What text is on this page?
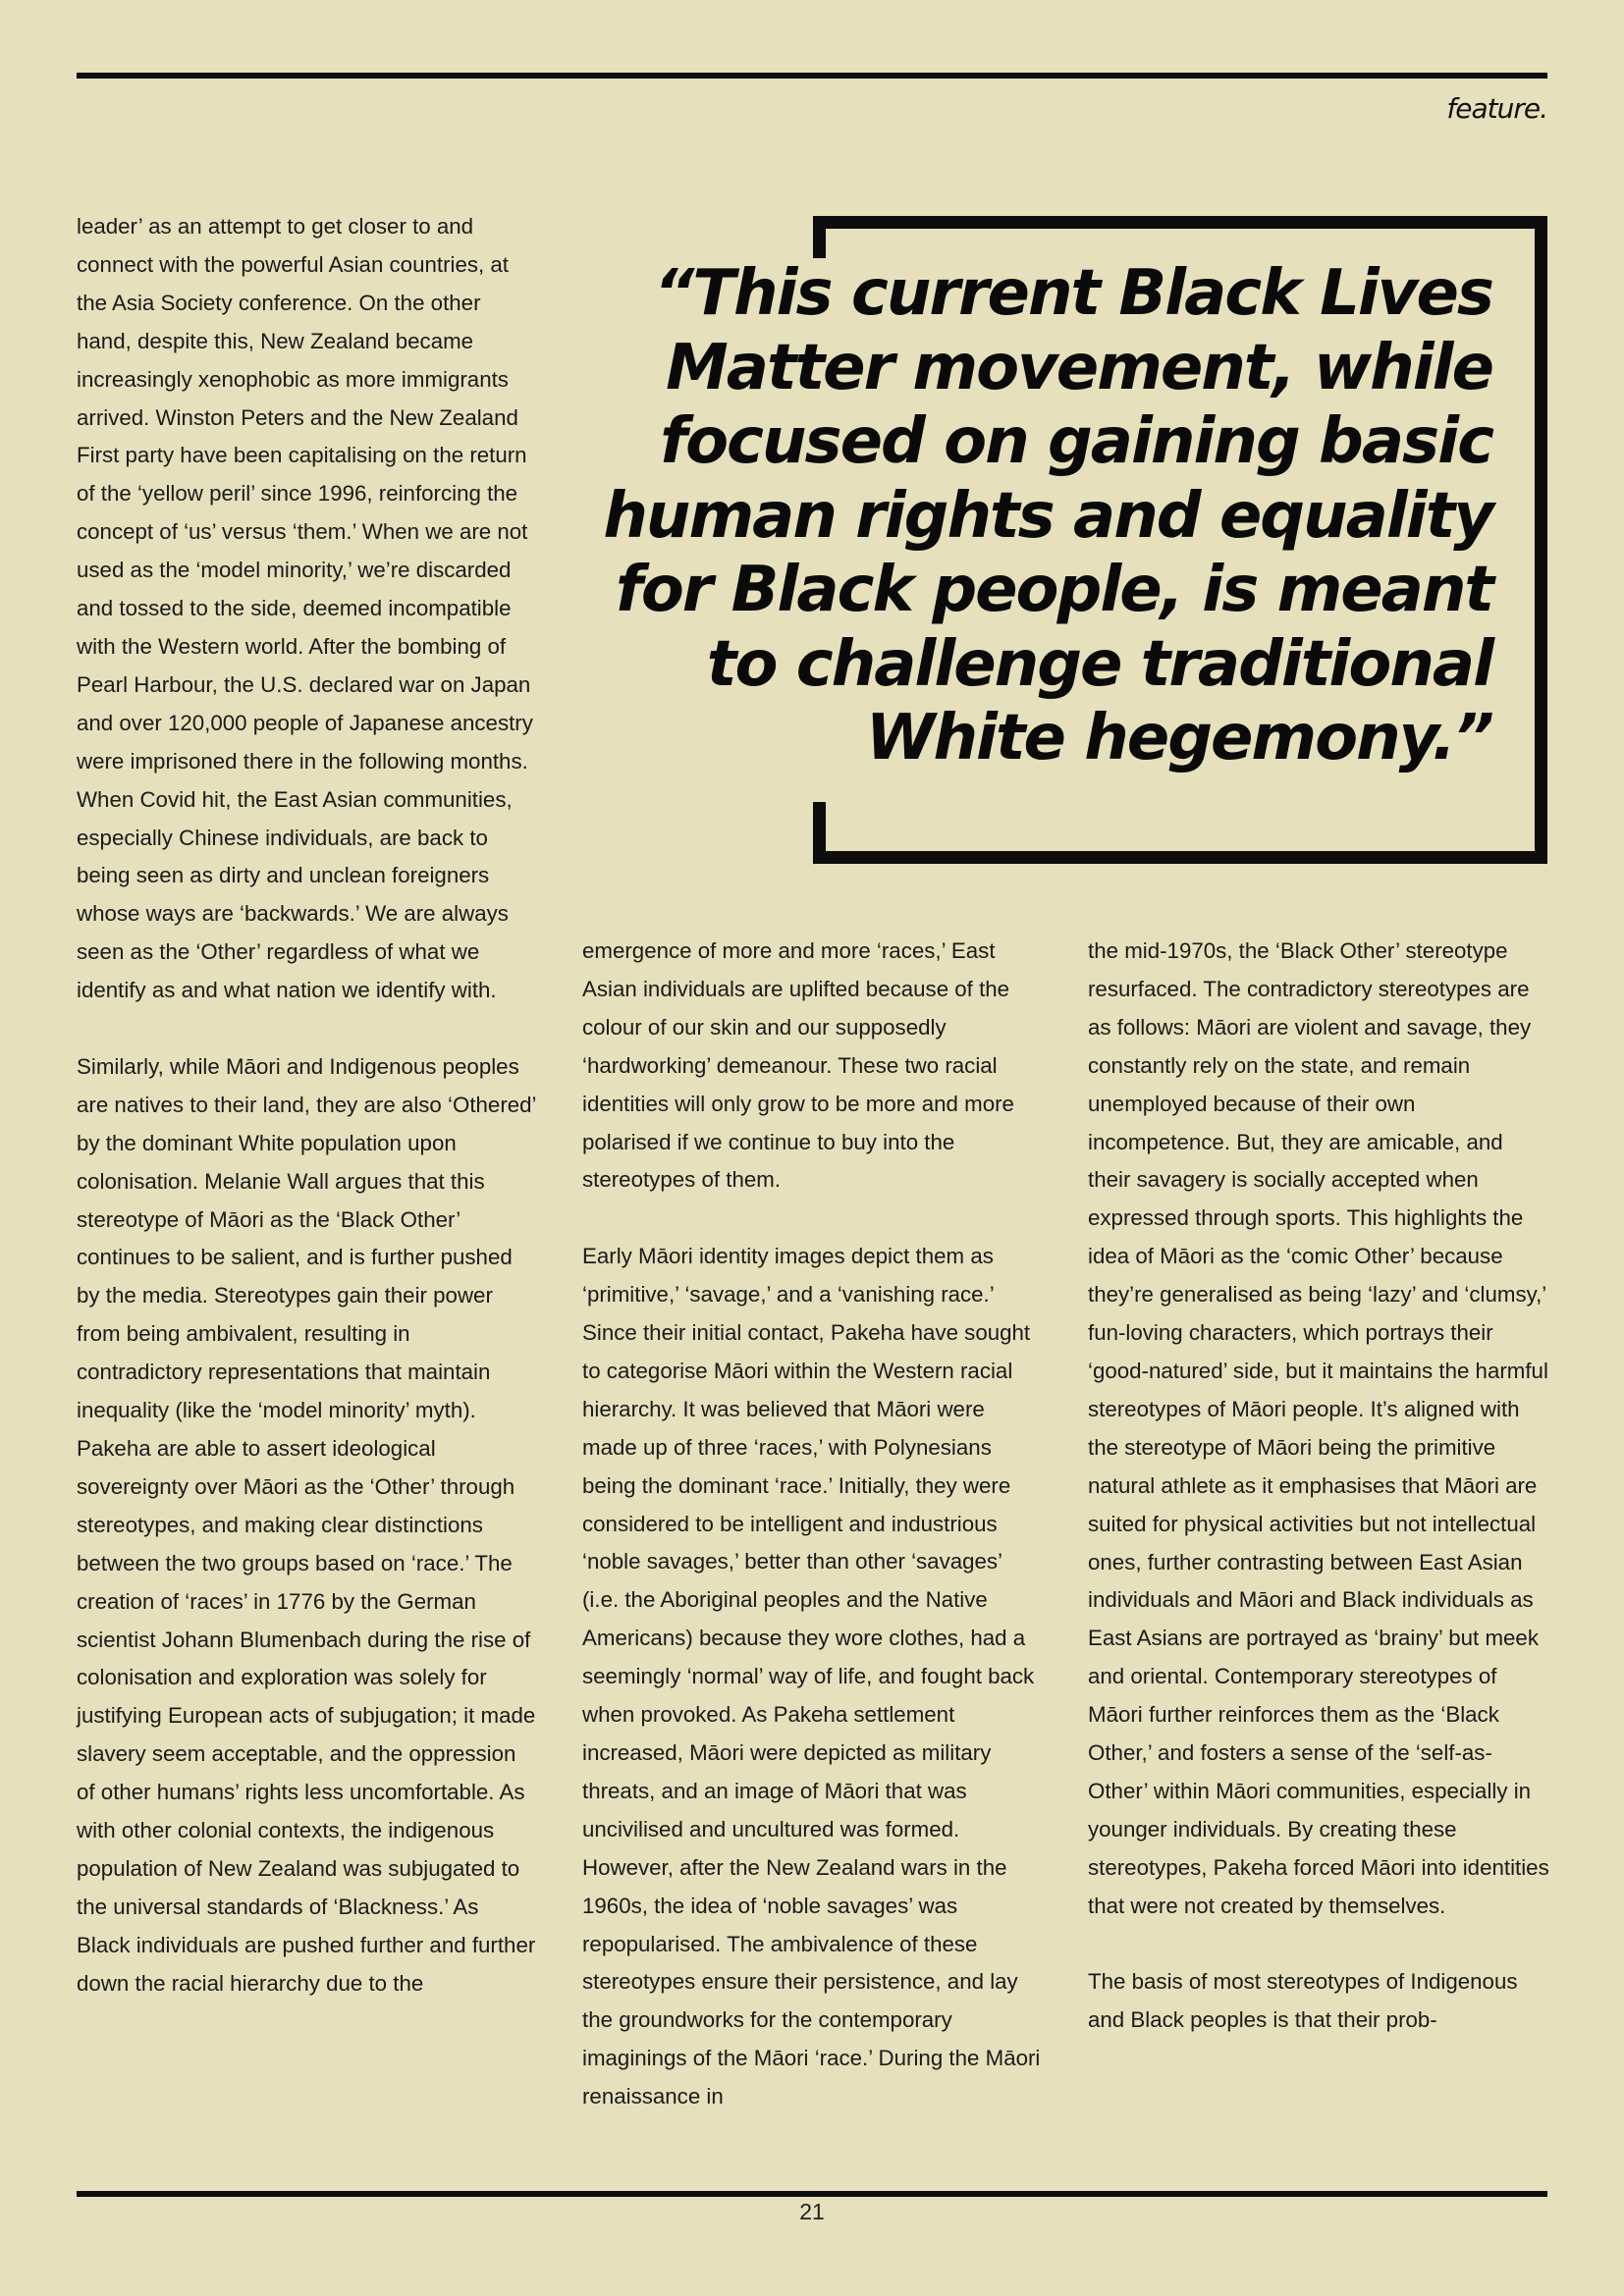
feature.

leader’ as an attempt to get closer to and connect with the powerful Asian countries, at the Asia Society conference. On the other hand, despite this, New Zealand became increasingly xenophobic as more immigrants arrived. Winston Peters and the New Zealand First party have been capitalising on the return of the ‘yellow peril’ since 1996, reinforcing the concept of ‘us’ versus ‘them.’ When we are not used as the ‘model minority,’ we’re discarded and tossed to the side, deemed incompatible with the Western world. After the bombing of Pearl Harbour, the U.S. declared war on Japan and over 120,000 people of Japanese ancestry were imprisoned there in the following months. When Covid hit, the East Asian communities, especially Chinese individuals, are back to being seen as dirty and unclean foreigners whose ways are ‘backwards.’ We are always seen as the ‘Other’ regardless of what we identify as and what nation we identify with.

Similarly, while Māori and Indigenous peoples are natives to their land, they are also ‘Othered’ by the dominant White population upon colonisation. Melanie Wall argues that this stereotype of Māori as the ‘Black Other’ continues to be salient, and is further pushed by the media. Stereotypes gain their power from being ambivalent, resulting in contradictory representations that maintain inequality (like the ‘model minority’ myth). Pakeha are able to assert ideological sovereignty over Māori as the ‘Other’ through stereotypes, and making clear distinctions between the two groups based on ‘race.’ The creation of ‘races’ in 1776 by the German scientist Johann Blumenbach during the rise of colonisation and exploration was solely for justifying European acts of subjugation; it made slavery seem acceptable, and the oppression of other humans’ rights less uncomfortable. As with other colonial contexts, the indigenous population of New Zealand was subjugated to the universal standards of ‘Blackness.’ As Black individuals are pushed further and further down the racial hierarchy due to the

“This current Black Lives Matter movement, while focused on gaining basic human rights and equality for Black people, is meant to challenge traditional White hegemony.”

emergence of more and more ‘races,’ East Asian individuals are uplifted because of the colour of our skin and our supposedly ‘hardworking’ demeanour. These two racial identities will only grow to be more and more polarised if we continue to buy into the stereotypes of them.

Early Māori identity images depict them as ‘primitive,’ ‘savage,’ and a ‘vanishing race.’ Since their initial contact, Pakeha have sought to categorise Māori within the Western racial hierarchy. It was believed that Māori were made up of three ‘races,’ with Polynesians being the dominant ‘race.’ Initially, they were considered to be intelligent and industrious ‘noble savages,’ better than other ‘savages’ (i.e. the Aboriginal peoples and the Native Americans) because they wore clothes, had a seemingly ‘normal’ way of life, and fought back when provoked. As Pakeha settlement increased, Māori were depicted as military threats, and an image of Māori that was uncivilised and uncultured was formed. However, after the New Zealand wars in the 1960s, the idea of ‘noble savages’ was repopularised. The ambivalence of these stereotypes ensure their persistence, and lay the groundworks for the contemporary imaginings of the Māori ‘race.’ During the Māori renaissance in

the mid-1970s, the ‘Black Other’ stereotype resurfaced. The contradictory stereotypes are as follows: Māori are violent and savage, they constantly rely on the state, and remain unemployed because of their own incompetence. But, they are amicable, and their savagery is socially accepted when expressed through sports. This highlights the idea of Māori as the ‘comic Other’ because they’re generalised as being ‘lazy’ and ‘clumsy,’ fun-loving characters, which portrays their ‘good-natured’ side, but it maintains the harmful stereotypes of Māori people. It’s aligned with the stereotype of Māori being the primitive natural athlete as it emphasises that Māori are suited for physical activities but not intellectual ones, further contrasting between East Asian individuals and Māori and Black individuals as East Asians are portrayed as ‘brainy’ but meek and oriental. Contemporary stereotypes of Māori further reinforces them as the ‘Black Other,’ and fosters a sense of the ‘self-as-Other’ within Māori communities, especially in younger individuals. By creating these stereotypes, Pakeha forced Māori into identities that were not created by themselves.

The basis of most stereotypes of Indigenous and Black peoples is that their prob-

21
